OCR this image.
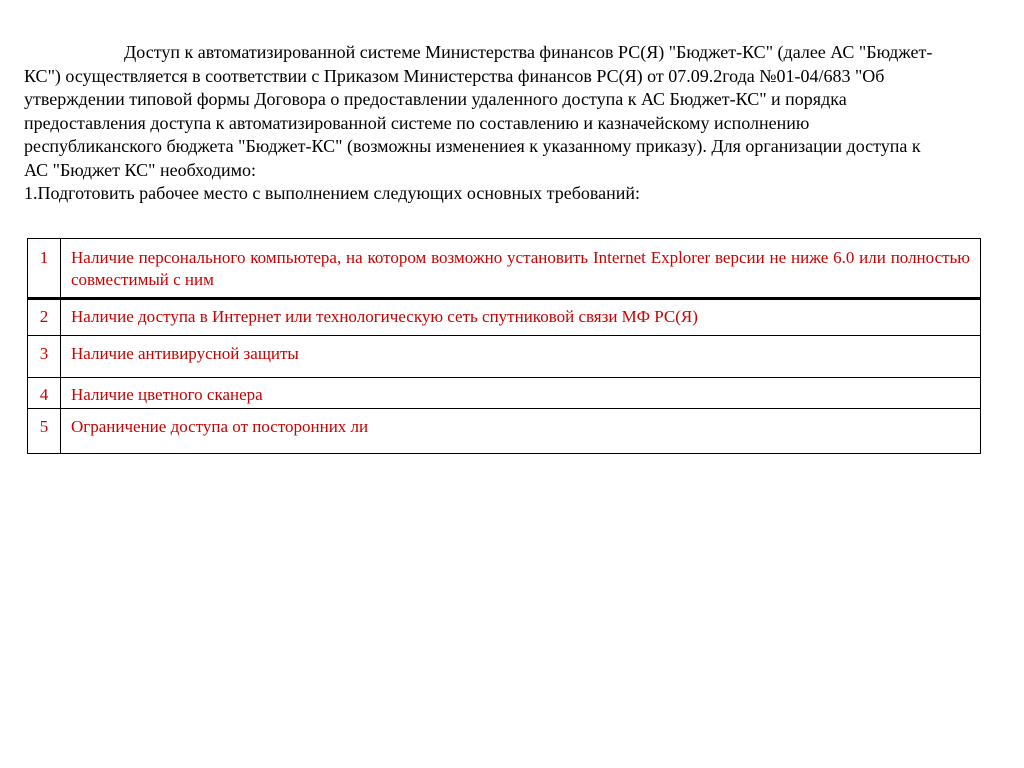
Доступ к автоматизированной системе Министерства финансов РС(Я) "Бюджет-КС" (далее АС "Бюджет-
КС") осуществляется в соответствии с Приказом Министерства финансов РС(Я) от 07.09.2года №01-04/683 "Об
утверждении типовой формы Договора о предоставлении удаленного доступа к АС Бюджет-КС" и порядка
предоставления доступа к автоматизированной системе по составлению и казначейскому исполнению
республиканского бюджета "Бюджет-КС" (возможны изменениея к указанному приказу). Для организации доступа к
АС "Бюджет КС" необходимо:

1.Подготовить рабочее место с выполнением следующих основных требований:

1	Наличие персонального компьютера, на котором возможно установить Internet Explorer версии не ниже 6.0 или полностью совместимый с ним
2	Наличие доступа в Интернет или технологическую сеть спутниковой связи МФ РС(Я)
3	Наличие антивирусной защиты
4	Наличие цветного сканера
5	Ограничение доступа от посторонних ли
